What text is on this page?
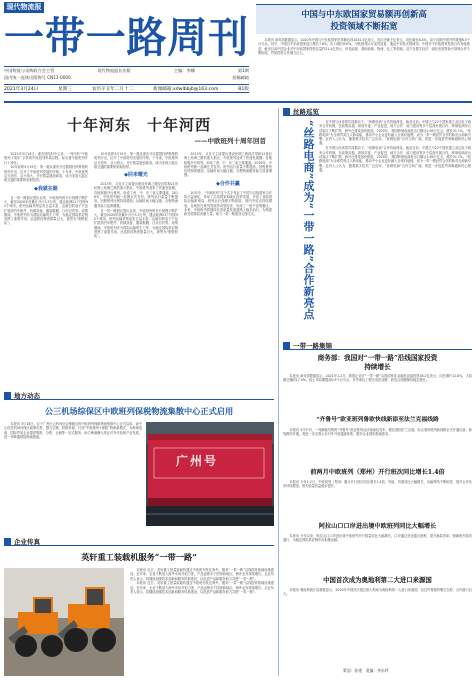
现代物流报
一带一路周刊
中国物流与采购联合会主管	现代物流报社出版	主编：李娜	第1期
国内统一连续出版物号 CN11-0000	投稿邮箱
2021年3月24日	星期三	农历辛丑年二月十二	新闻邮箱:xdwlbbjb@163.com	B1版
中国与中东欧国家贸易额再创新高
投资领域不断拓宽

本报讯 商务部数据显示，2020年中国与中东欧国家贸易额达到1034.5亿美元，首次突破千亿美元，同比增长8.4%，高于同期中国外贸增速6.5个百分点。其中，中国自中东欧国家进口增长7.8%，出口增长8.6%。中欧班列运行成效显著，通达中东欧多国城市。中国对中东欧国家投资合作持续推进，截至目前中国企业对中东欧国家投资存量约31.4亿美元，涉及能源、基础设施、物流、化工等领域。双方在数字经济、绿色发展等新兴领域合作不断拓展，贸易投资合作潜力巨大。

十年河东　十年河西
——中欧班列十周年回首

2021年3月19日，重庆团结村中心站，一列印有“中欧班列十周年”字样的中欧班列鸣笛启程，标志着中欧班列开行十周年。

10年前的3月19日，第一趟从重庆开往德国杜伊斯堡的班列开出，拉开了中欧班列发展的序幕。十年来，中欧班列从无到有、从小到大，开行数量屡创新高，成为亚欧大陆互联互通的重要桥梁和纽带。

◆我就在路

自一带一路倡议提出以来，中欧班列的开行规模不断扩大，截至2020年底累计开行3.3万列，通达欧洲21个国家92个城市。班列运输货物品类日益丰富，由最初的电子产品扩展到汽车配件、机械设备、服装鞋帽、日用百货等。疫情期间，中欧班列作为国际运输的生力军，为稳定国际供应链发挥了重要作用，运送防疫物资数量巨大，被誉为“钢铁驼队”。

10年前的3月19日，第一趟从重庆开往德国杜伊斯堡的班列开出，拉开了中欧班列发展的序幕。十年来，中欧班列从无到有、从小到大，开行数量屡创新高，成为亚欧大陆互联互通的重要桥梁和纽带。

◆回来曙光

2013年，习近平主席提出建设丝绸之路经济带和21世纪海上丝绸之路的重大倡议，中欧班列迎来了快速发展期。各地积极开行班列，形成了西、中、东三条主要通道。2016年，中欧班列统一品牌正式发布。班列运行质量不断提高，回程班列比例持续增加，运输时间大幅压缩，全程物流服务能力显著增强。

自一带一路倡议提出以来，中欧班列的开行规模不断扩大，截至2020年底累计开行3.3万列，通达欧洲21个国家92个城市。班列运输货物品类日益丰富，由最初的电子产品扩展到汽车配件、机械设备、服装鞋帽、日用百货等。疫情期间，中欧班列作为国际运输的生力军，为稳定国际供应链发挥了重要作用，运送防疫物资数量巨大，被誉为“钢铁驼队”。

2013年，习近平主席提出建设丝绸之路经济带和21世纪海上丝绸之路的重大倡议，中欧班列迎来了快速发展期。各地积极开行班列，形成了西、中、东三条主要通道。2016年，中欧班列统一品牌正式发布。班列运行质量不断提高，回程班列比例持续增加，运输时间大幅压缩，全程物流服务能力显著增强。

◆合作共赢

10年中，“中欧班列”这个名字见证了中国与沿线国家合作的日益深化，带动了沿线国家和地区经贸发展，开创了亚欧国际运输新格局。班列运行线路不断拓展，境内外站点持续增加，各地依托班列发展外向型经济，形成了一批产业集聚区。未来，中欧班列将继续在高质量发展道路上稳步前行，为构建新发展格局贡献力量，助力一带一路建设走深走实。

丝路巡览
“丝路电商”成为“一带一路”合作新亮点	在中国与伙伴国共同推动下，“丝路电商”合作持续深化。截至目前，中国已与22个国家建立双边电子商务合作机制，在政策沟通、规划对接、产业促进、地方合作、能力建设等多个层面开展合作。跨境电商综合试验区不断扩围，海外仓建设加快推进。2020年，我国跨境电商进出口额达1.69万亿元，增长31.1%。“丝路电商”为全球贸易注入新动能，推动中小企业更好融入全球价值链，成为一带一路经贸合作的新亮点和新引擎。业内人士认为，随着数字技术广泛应用，“丝路电商”合作空间广阔，将进一步促进贸易畅通和民心相通。

在中国与伙伴国共同推动下，“丝路电商”合作持续深化。截至目前，中国已与22个国家建立双边电子商务合作机制，在政策沟通、规划对接、产业促进、地方合作、能力建设等多个层面开展合作。跨境电商综合试验区不断扩围，海外仓建设加快推进。2020年，我国跨境电商进出口额达1.69万亿元，增长31.1%。“丝路电商”为全球贸易注入新动能，推动中小企业更好融入全球价值链，成为一带一路经贸合作的新亮点和新引擎。业内人士认为，随着数字技术广泛应用，“丝路电商”合作空间广阔，将进一步促进贸易畅通和民心相通。

一带一路集锦
商务部：我国对“一带一路”沿线国家投资
持续增长

本报讯 商务部数据显示，2021年1-2月，我国企业对“一带一路”沿线国家非金融类直接投资28.2亿美元，同比增长12.8%，占同期总额的17.9%，较上年同期提高0.9个百分点。对外承包工程完成营业额、新签合同额保持稳定增长。

“齐鲁号”欧亚班列鲁欧快线新添至法兰克福线路

本报讯 3月中旬，一列满载货物的“齐鲁号”欧亚班列从济南南站发车，驶往德国法兰克福，标志着该班列新线路正式开通运营。新线路的开通，将进一步完善山东对外开放通道体系，服务企业国际物流需求。

前两月中欧班列（郑州）开行班次同比增长1.4倍

本报讯 今年1-2月，中欧班列（郑州）累计开行班次同比增长1.4倍，货值、货重同比大幅增长，运输网络不断拓展，境外合作伙伴持续增加，班列质量效益稳步提升。

阿拉山口口岸进出境中欧班列同比大幅增长

本报讯 今年以来，阿拉山口口岸进出境中欧班列开行数量同比大幅增长。口岸通过优化通关流程、提升换装效率，保障班列高效通行，为稳定国际供应链作出积极贡献。

中国首次成为奥地利第二大进口来源国

本报讯 奥地利统计局数据显示，2020年中国首次超过意大利成为奥地利第二大进口来源国，双边贸易保持增长态势，合作潜力巨大。

策划：孙建　责编：李东坪
地方动态
公三机场综保区中欧班列保税物流集散中心正式启用

本报讯 3月18日，位于广州白云机场综合保税区的中欧班列保税物流集散中心正式启用。该中心依托机场综保区政策优势，整合空港、铁路资源，打造“中欧班列+保税”物流新模式，为跨境电商、国际贸易企业提供集散、分拨、仓储等一站式服务，助力粤港澳大湾区对外开放和产业发展，进一步畅通国际物流通道。

广州号
企业传真
英轩重工装载机服务“一带一路”

本报讯 近日，英轩重工批量装载机通过中欧班列发往海外，服务“一带一路”沿线国家基础设施建设。近年来，企业不断加大海外市场开拓力度，产品远销多个国家和地区，海外业务持续增长。企业负责人表示，将继续加强技术创新和服务体系建设，以优质产品和服务助力共建“一带一路”。

本报讯 近日，英轩重工批量装载机通过中欧班列发往海外，服务“一带一路”沿线国家基础设施建设。近年来，企业不断加大海外市场开拓力度，产品远销多个国家和地区，海外业务持续增长。企业负责人表示，将继续加强技术创新和服务体系建设，以优质产品和服务助力共建“一带一路”。
